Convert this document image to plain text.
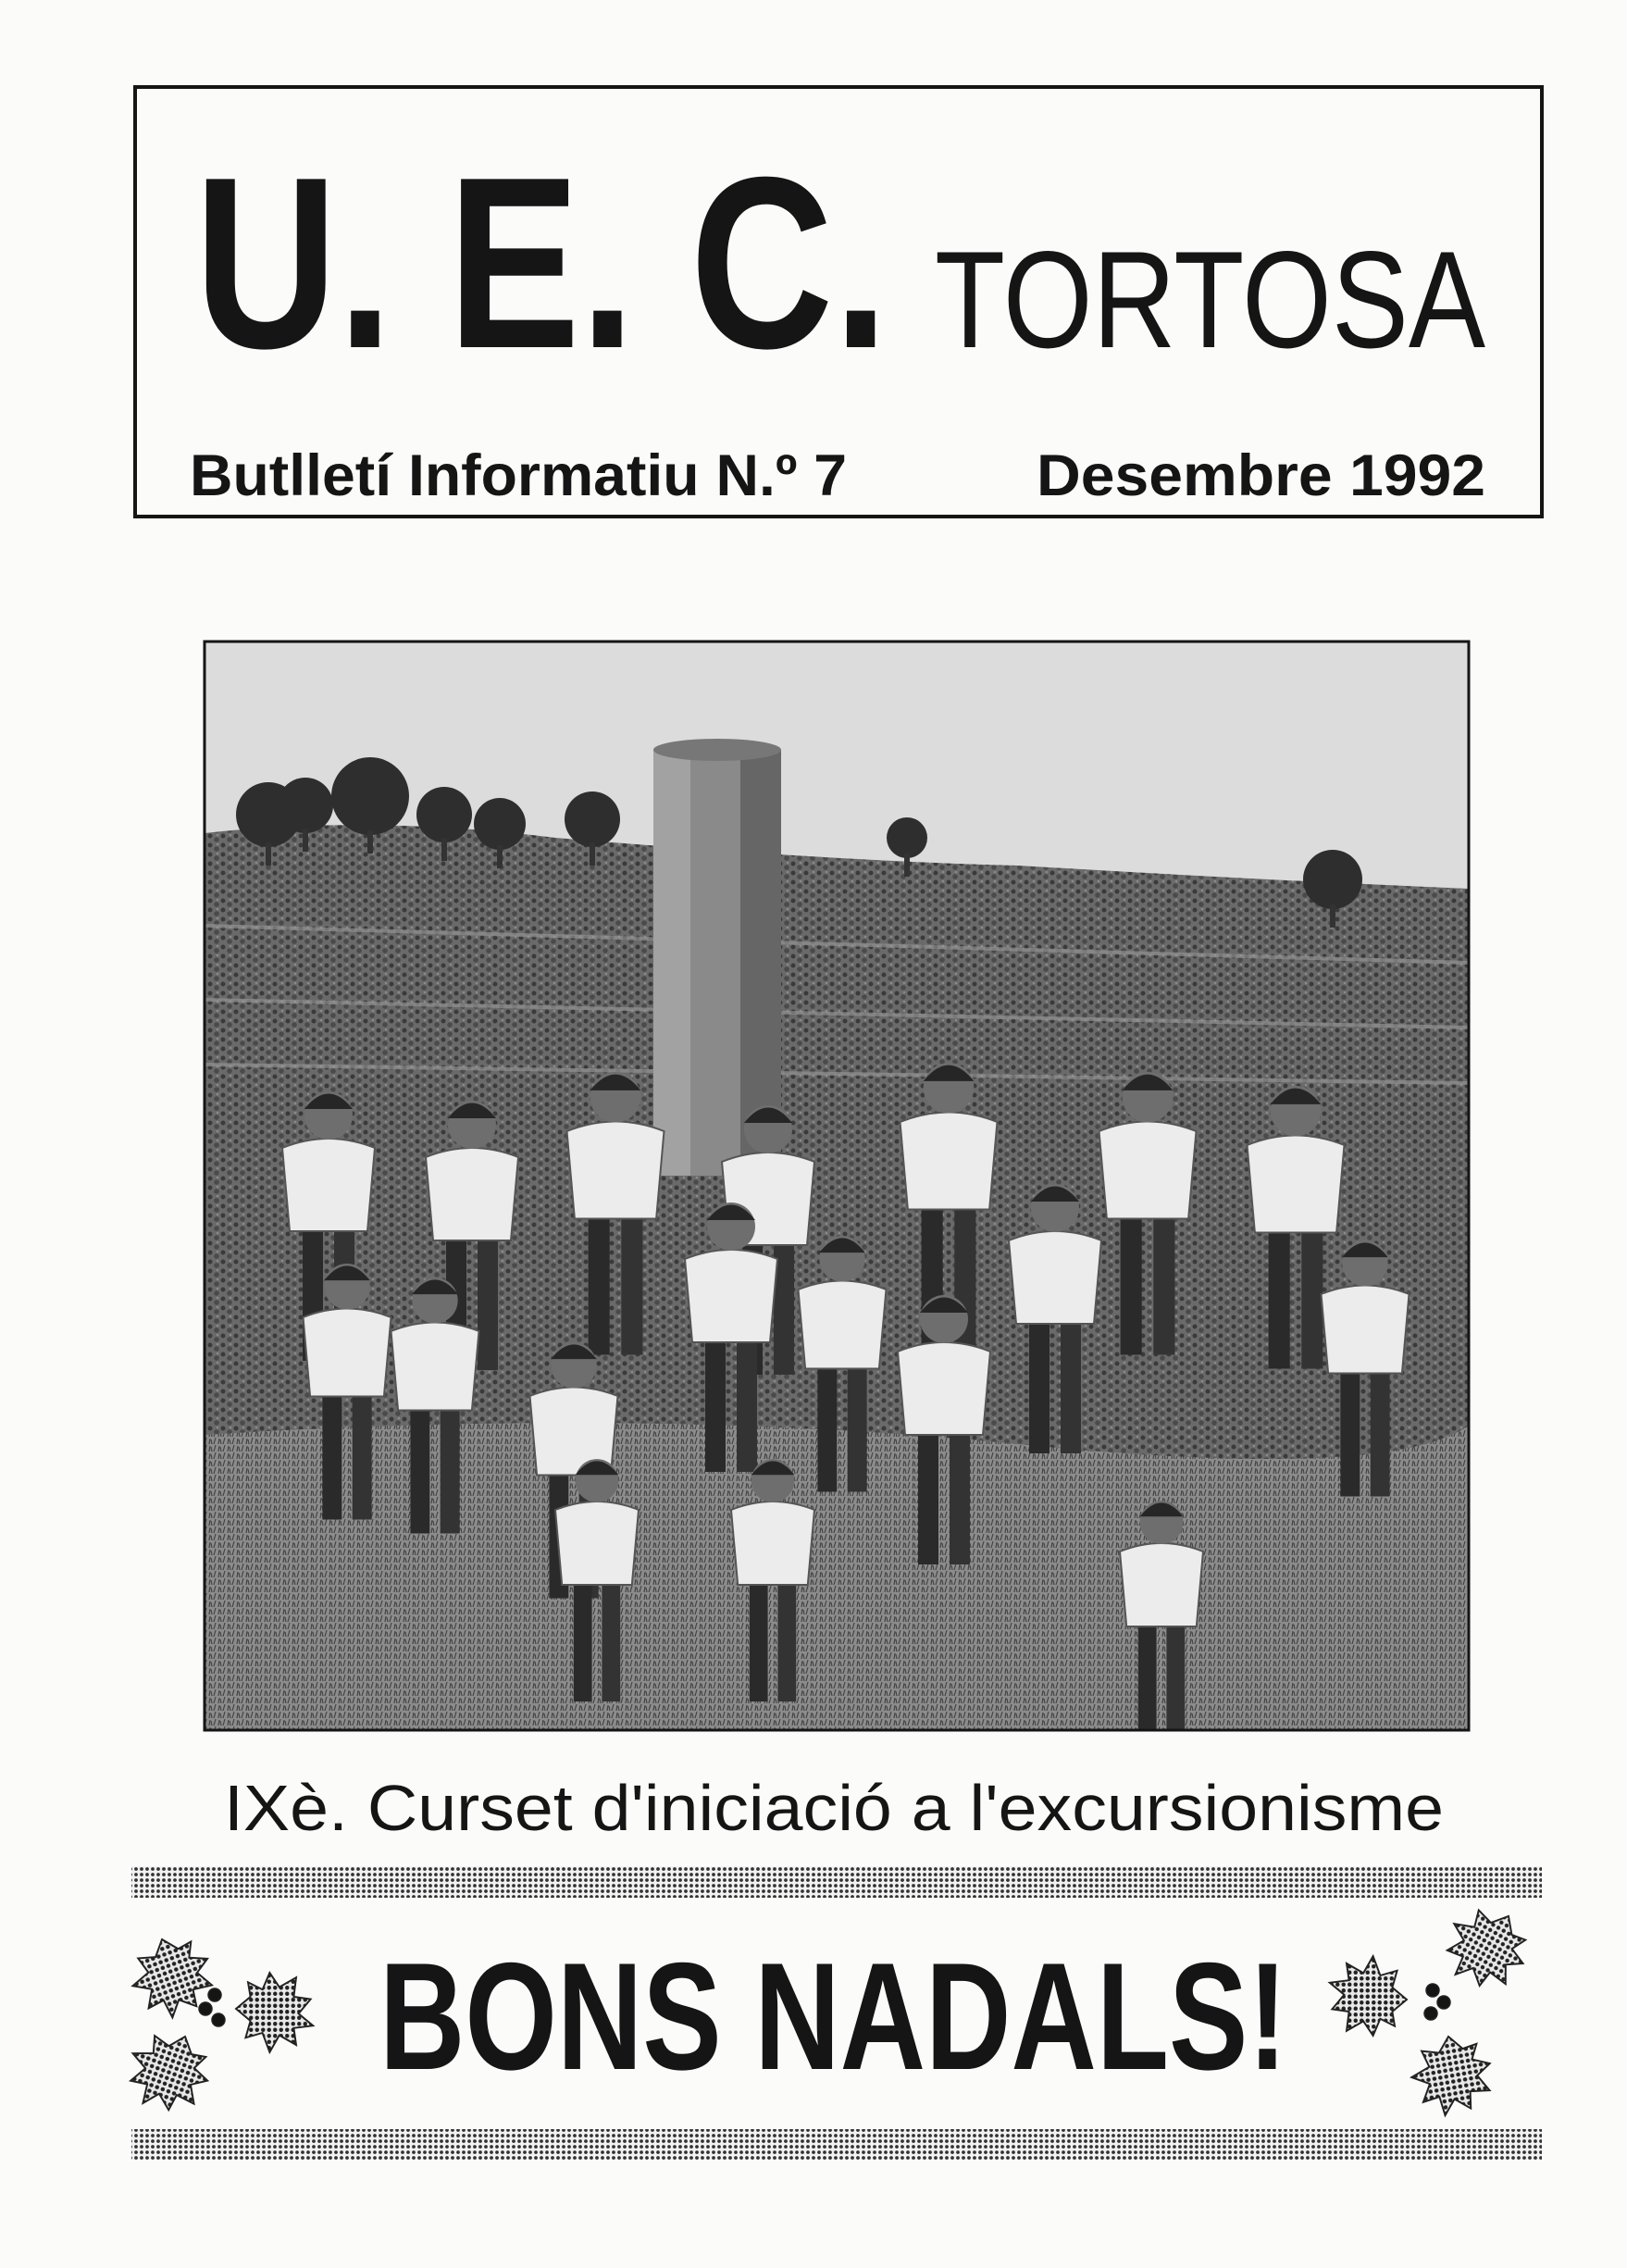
U. E. C. TORTOSA
Butlletí Informatiu N.º 7	Desembre 1992
IXè. Curset d'iniciació a l'excursionisme
BONS NADALS!
